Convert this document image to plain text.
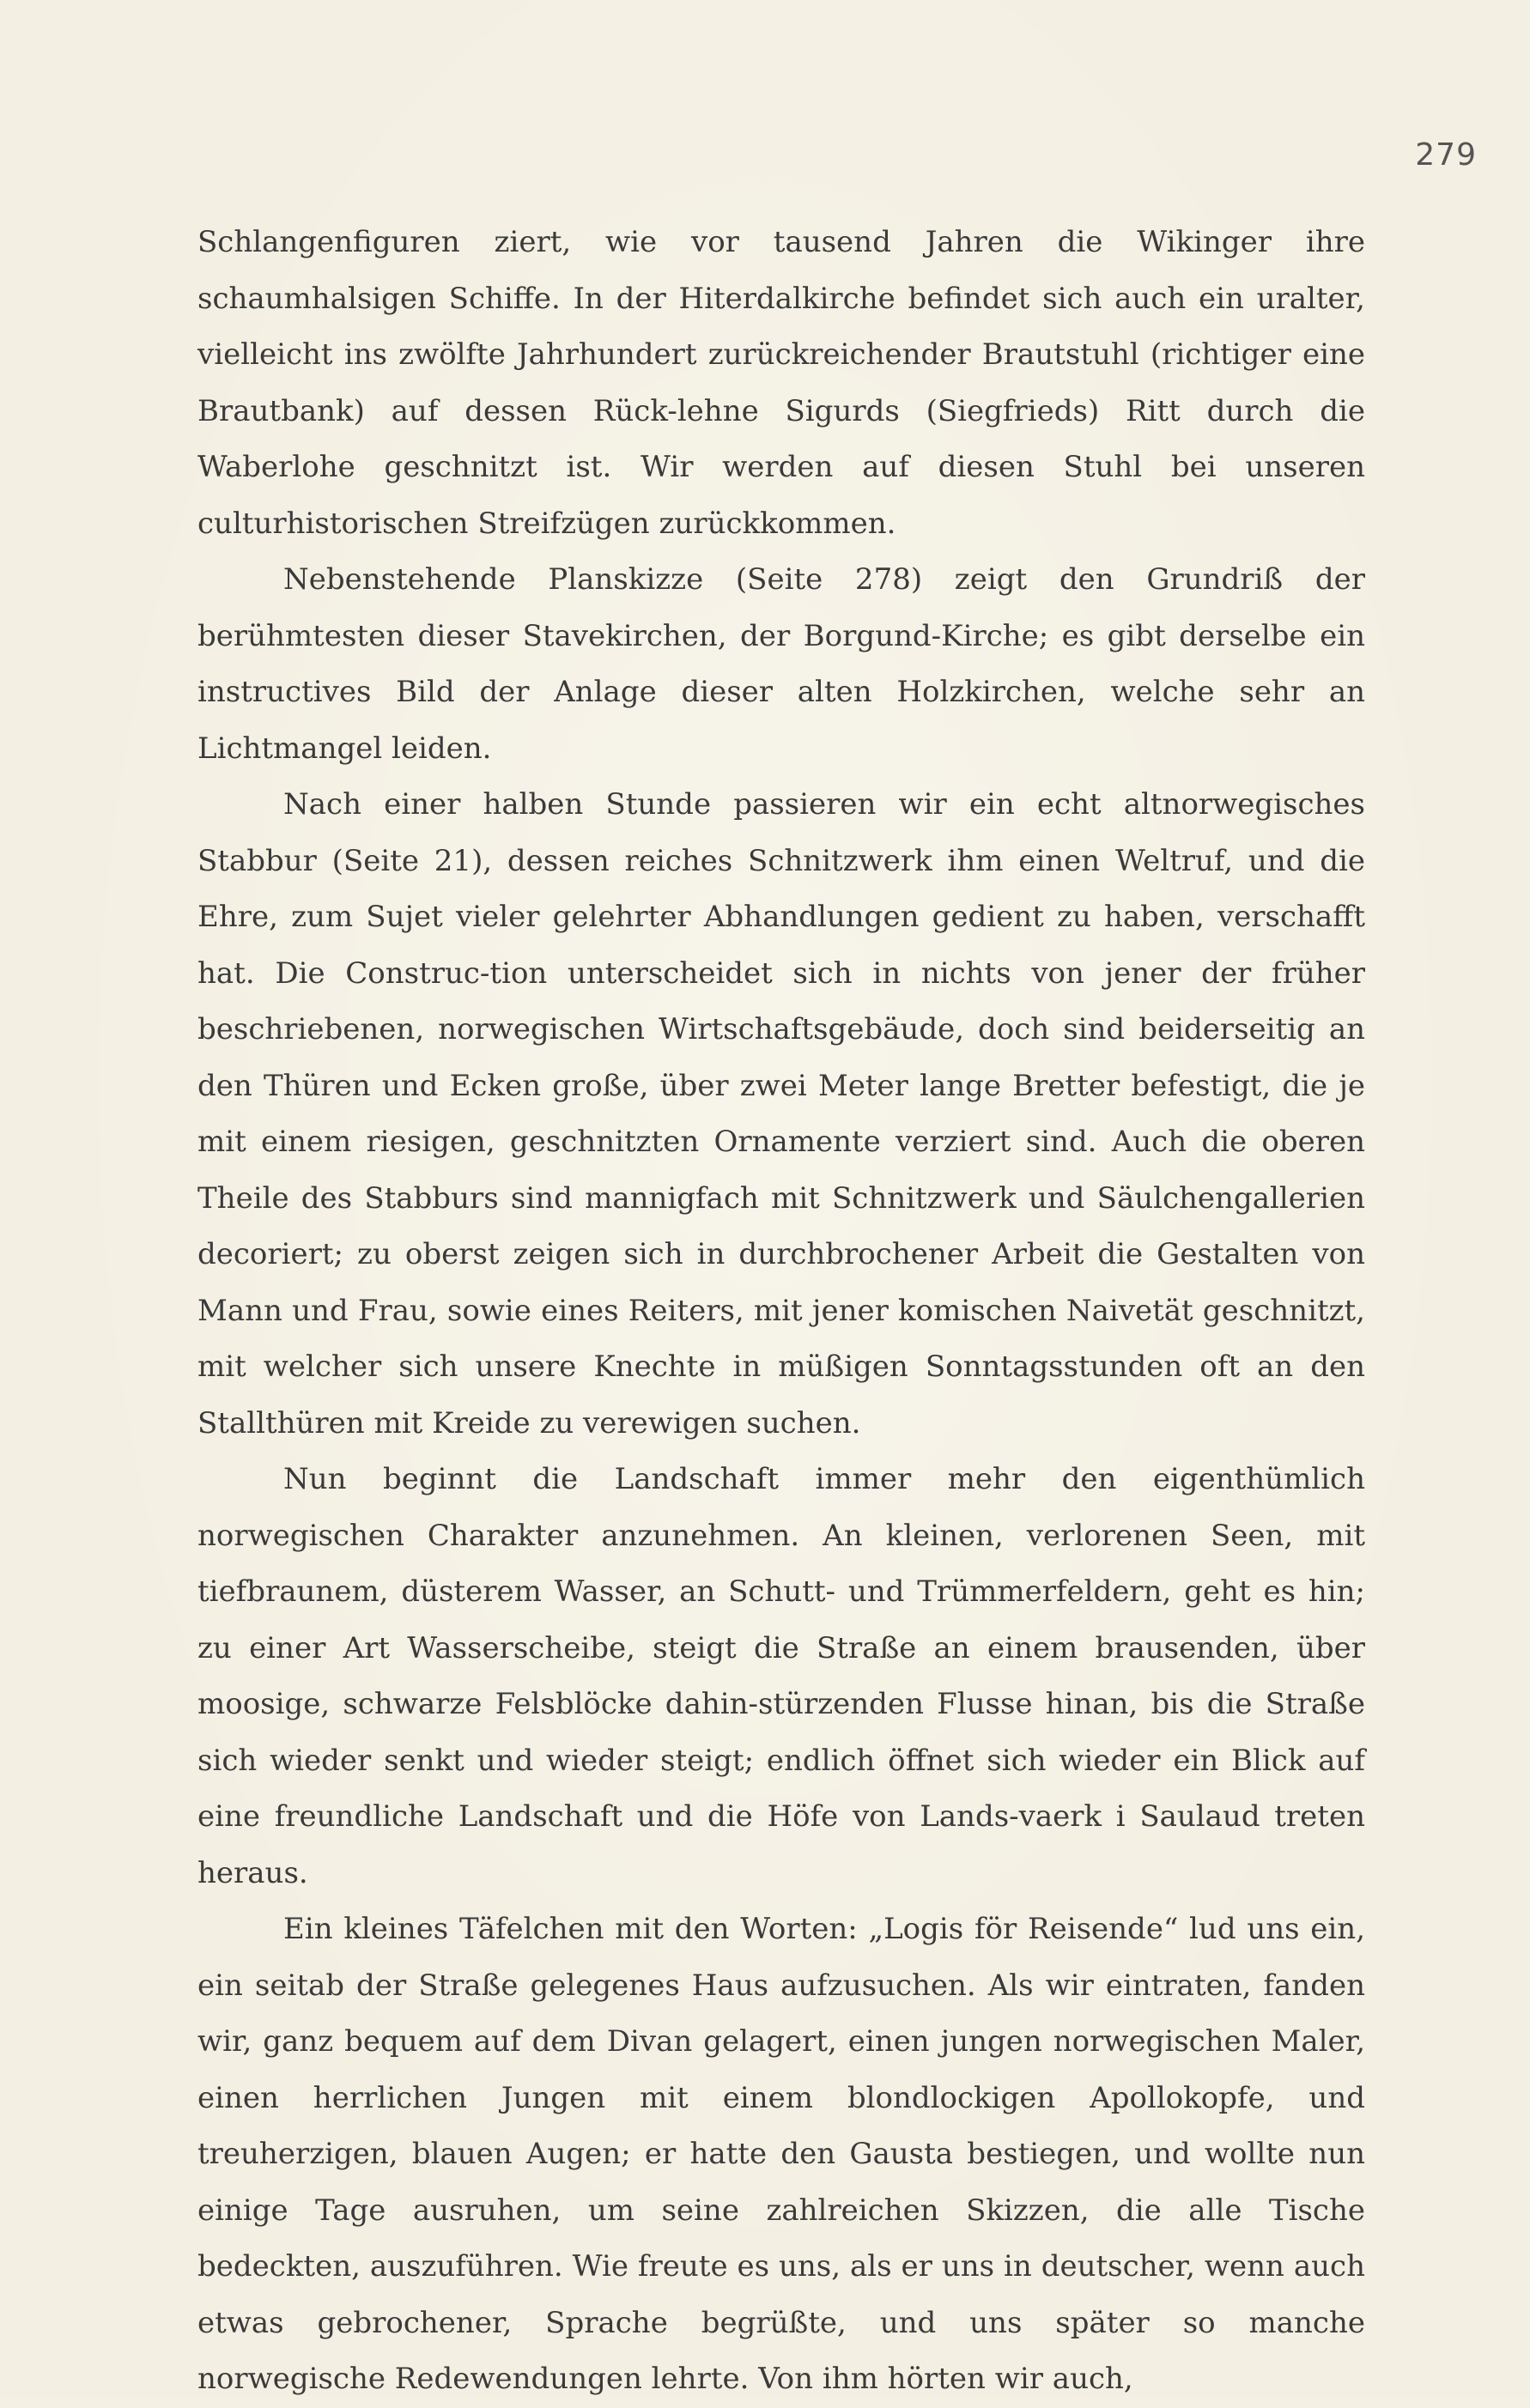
279

Schlangenfiguren ziert, wie vor tausend Jahren die Wikinger ihre schaumhalsigen Schiffe. In der Hiterdalkirche befindet sich auch ein uralter, vielleicht ins zwölfte Jahrhundert zurückreichender Brautstuhl (richtiger eine Brautbank) auf dessen Rück-lehne Sigurds (Siegfrieds) Ritt durch die Waberlohe geschnitzt ist. Wir werden auf diesen Stuhl bei unseren culturhistorischen Streifzügen zurückkommen.

Nebenstehende Planskizze (Seite 278) zeigt den Grundriß der berühmtesten dieser Stavekirchen, der Borgund-Kirche; es gibt derselbe ein instructives Bild der Anlage dieser alten Holzkirchen, welche sehr an Lichtmangel leiden.

Nach einer halben Stunde passieren wir ein echt altnorwegisches Stabbur (Seite 21), dessen reiches Schnitzwerk ihm einen Weltruf, und die Ehre, zum Sujet vieler gelehrter Abhandlungen gedient zu haben, verschafft hat. Die Construc-tion unterscheidet sich in nichts von jener der früher beschriebenen, norwegischen Wirtschaftsgebäude, doch sind beiderseitig an den Thüren und Ecken große, über zwei Meter lange Bretter befestigt, die je mit einem riesigen, geschnitzten Ornamente verziert sind. Auch die oberen Theile des Stabburs sind mannigfach mit Schnitzwerk und Säulchengallerien decoriert; zu oberst zeigen sich in durchbrochener Arbeit die Gestalten von Mann und Frau, sowie eines Reiters, mit jener komischen Naivetät geschnitzt, mit welcher sich unsere Knechte in müßigen Sonntagsstunden oft an den Stallthüren mit Kreide zu verewigen suchen.

Nun beginnt die Landschaft immer mehr den eigenthümlich norwegischen Charakter anzunehmen. An kleinen, verlorenen Seen, mit tiefbraunem, düsterem Wasser, an Schutt- und Trümmerfeldern, geht es hin; zu einer Art Wasserscheibe, steigt die Straße an einem brausenden, über moosige, schwarze Felsblöcke dahin-stürzenden Flusse hinan, bis die Straße sich wieder senkt und wieder steigt; endlich öffnet sich wieder ein Blick auf eine freundliche Landschaft und die Höfe von Lands-vaerk i Saulaud treten heraus.

Ein kleines Täfelchen mit den Worten: „Logis för Reisende“ lud uns ein, ein seitab der Straße gelegenes Haus aufzusuchen. Als wir eintraten, fanden wir, ganz bequem auf dem Divan gelagert, einen jungen norwegischen Maler, einen herrlichen Jungen mit einem blondlockigen Apollokopfe, und treuherzigen, blauen Augen; er hatte den Gausta bestiegen, und wollte nun einige Tage ausruhen, um seine zahlreichen Skizzen, die alle Tische bedeckten, auszuführen. Wie freute es uns, als er uns in deutscher, wenn auch etwas gebrochener, Sprache begrüßte, und uns später so manche norwegische Redewendungen lehrte. Von ihm hörten wir auch,
